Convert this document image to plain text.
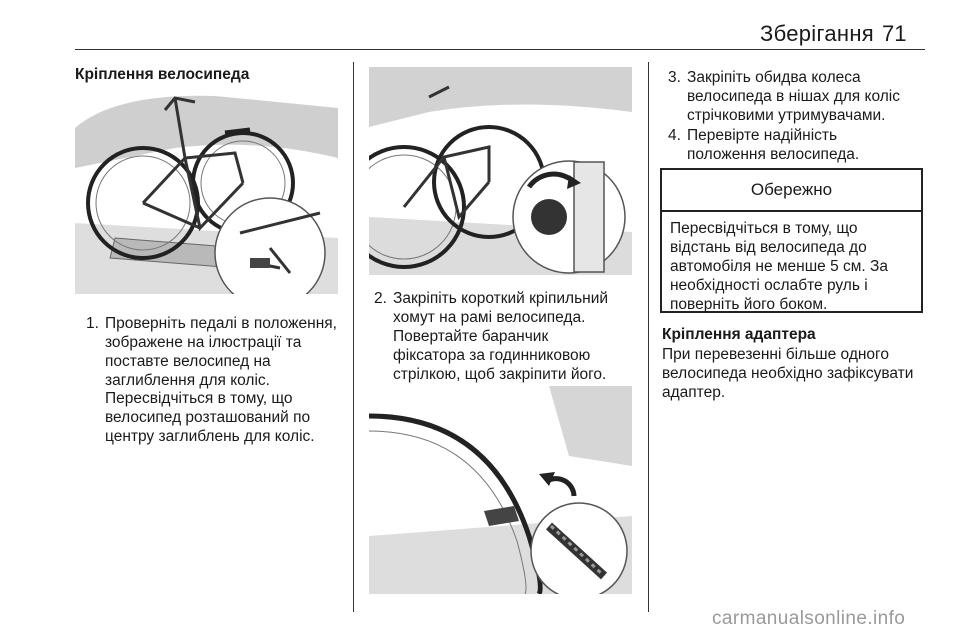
Зберігання 71
Кріплення велосипеда
1. Проверніть педалі в положення,
зображене на ілюстрації та
поставте велосипед на
заглиблення для коліс.
Пересвідчіться в тому, що
велосипед розташований по
центру заглиблень для коліс.
2. Закріпіть короткий кріпильний
хомут на рамі велосипеда.
Повертайте баранчик
фіксатора за годинниковою
стрілкою, щоб закріпити його.
3. Закріпіть обидва колеса
велосипеда в нішах для коліс
стрічковими утримувачами.
4. Перевірте надійність
положення велосипеда.
Обережно
Пересвідчіться в тому, що
відстань від велосипеда до
автомобіля не менше 5 см. За
необхідності ослабте руль і
поверніть його боком.
Кріплення адаптера
При перевезенні більше одного
велосипеда необхідно зафіксувати
адаптер.
carmanualsonline.info
